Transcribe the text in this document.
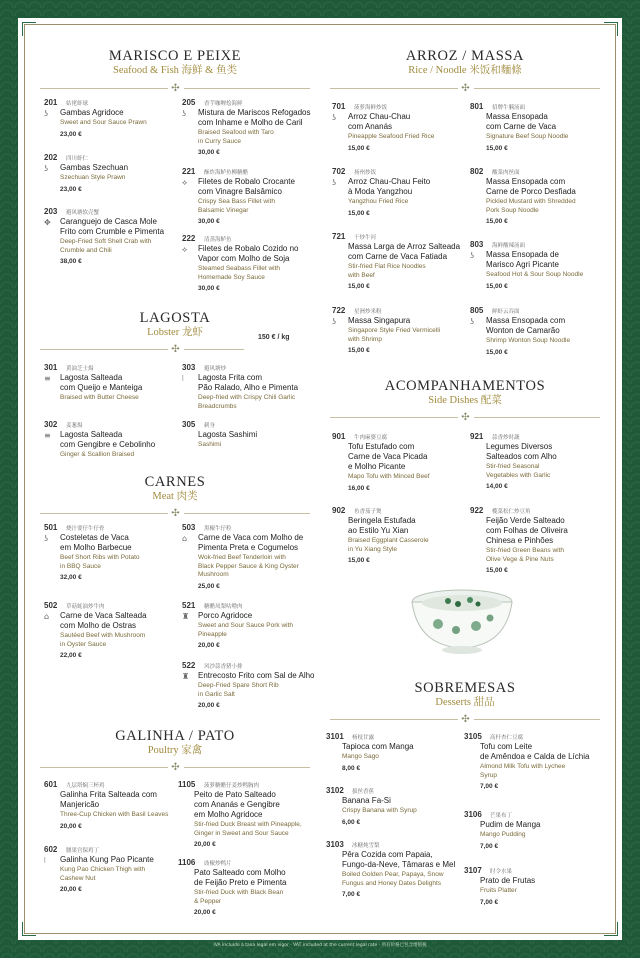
MARISCO E PEIXE
Seafood & Fish 海鲜 & 鱼类
ARROZ / MASSA
Rice / Noodle 米饭和麵條
LAGOSTA
Lobster 龙虾	150 € / kg
CARNES
Meat 肉类
ACOMPANHAMENTOS
Side Dishes 配菜
GALINHA / PATO
Poultry 家禽
SOBREMESAS
Desserts 甜品
✣	✣
✣
✣
✣
✣
✣
201 姑佬虾球
ʖ	Gambas Agridoce
Sweet and Sour Sauce Prawn
23,00 €
202 四川虾仁
ʖ	Gambas Szechuan
Szechuan Style Prawn
23,00 €
203 避风塘软壳蟹
✥	Caranguejo de Casca Mole
Frito com Crumble e Pimenta
Deep-Fried Soft Shell Crab with
Crumble and Chili
38,00 €
205 香芋咖喱烩海鲜
ʖ	Mistura de Mariscos Refogados
com Inhame e Molho de Caril
Braised Seafood with Taro
in Curry Sauce
30,00 €
221 酥炸海鲈鱼柳糖醋
⟡	Filetes de Robalo Crocante
com Vinagre Balsâmico
Crispy Sea Bass Fillet with
Balsamic Vinegar
30,00 €
222 清蒸海鲈鱼
⟡	Filetes de Robalo Cozido no
Vapor com Molho de Soja
Steamed Seabass Fillet with
Homemade Soy Sauce
30,00 €
301 黄油芝士焗
≡	Lagosta Salteada
com Queijo e Manteiga
Braised with Butter Cheese
302 姜葱焗
≡	Lagosta Salteada
com Gengibre e Cebolinho
Ginger & Scallion Braised
303 避风塘炒
⦚	Lagosta Frita com
Pão Ralado, Alho e Pimenta
Deep-fried with Crispy Chili Garlic
Breadcrumbs
305 刺身
Lagosta Sashimi
Sashimi
501 烧汁要仔牛仔骨
ʖ	Costeletas de Vaca
em Molho Barbecue
Beef Short Ribs with Potato
in BBQ Sauce
32,00 €
502 草菇蚝油炒牛肉
⌂	Carne de Vaca Salteada
com Molho de Ostras
Sautéed Beef with Mushroom
in Oyster Sauce
22,00 €
503 黑椒牛仔粒
⌂	Carne de Vaca com Molho de
Pimenta Preta e Cogumelos
Wok-fried Beef Tenderloin with
Black Pepper Sauce & King Oyster
Mushroom
25,00 €
521 糖醋凤梨咕噜肉
♜	Porco Agridoce
Sweet and Sour Sauce Pork with
Pineapple
20,00 €
522 风沙蒜香猪小排
♜	Entrecosto Frito com Sal de Alho
Deep-Fried Spare Short Rib
in Garlic Salt
20,00 €
601 九层塔焖三杯鸡
Galinha Frita Salteada com
Manjericão
Three-Cup Chicken with Basil Leaves
20,00 €
602 腰果宫保鸡丁
⦚	Galinha Kung Pao Picante
Kung Pao Chicken Thigh with
Cashew Nut
20,00 €
1105 菠萝糖醋仔姜炒鸭胸肉
Peito de Pato Salteado
com Ananás e Gengibre
em Molho Agridoce
Stir-fried Duck Breast with Pineapple,
Ginger in Sweet and Sour Sauce
20,00 €
1106 豉椒炒鸭片
Pato Salteado com Molho
de Feijão Preto e Pimenta
Stir-fried Duck with Black Bean
& Pepper
20,00 €
701 菠萝海鲜炒饭
ʖ	Arroz Chau-Chau
com Ananás
Pineapple Seafood Fried Rice
15,00 €
702 扬州炒饭
ʖ	Arroz Chau-Chau Feito
à Moda Yangzhou
Yangzhou Fried Rice
15,00 €
721 干炒牛河
Massa Larga de Arroz Salteada
com Carne de Vaca Fatiada
Stir-fried Flat Rice Noodles
with Beef
15,00 €
722 星洲炒米粉
ʖ	Massa Singapura
Singapore Style Fried Vermicelli
with Shrimp
15,00 €
801 招牌牛腩汤面
Massa Ensopada
com Carne de Vaca
Signature Beef Soup Noodle
15,00 €
802 酸菜肉丝面
Massa Ensopada com
Carne de Porco Desfiada
Pickled Mustard with Shredded
Pork Soup Noodle
15,00 €
803 海鲜酸辣汤面
ʖ	Massa Ensopada de
Marisco Agri Picante
Seafood Hot & Sour Soup Noodle
15,00 €
805 鲜虾云吞面
ʖ	Massa Ensopada com
Wonton de Camarão
Shrimp Wonton Soup Noodle
15,00 €
901 牛肉麻婆豆腐
Tofu Estufado com
Carne de Vaca Picada
e Molho Picante
Mapo Tofu with Minced Beef
16,00 €
902 鱼香茄子煲
Beringela Estufada
ao Estilo Yu Xian
Braised Eggplant Casserole
in Yu Xiang Style
15,00 €
921 蒜香炒时蔬
Legumes Diversos
Salteados com Alho
Stir-fried Seasonal
Vegetables with Garlic
14,00 €
922 榄菜松仁炒豆角
Feijão Verde Salteado
com Folhas de Oliveira
Chinesa e Pinhões
Stir-fried Green Beans with
Olive Vege & Pine Nuts
15,00 €
3101 杨枝甘露
Tapioca com Manga
Mango Sago
8,00 €
3102 拔丝香蕉
Banana Fa-Si
Crispy Banana with Syrup
6,00 €
3103 冰糖炖雪梨
Pêra Cozida com Papaia,
Fungo-da-Neve, Tâmaras e Mel
Boiled Golden Pear, Papaya, Snow
Fungus and Honey Dates Delights
7,00 €
3105 高杆杏仁豆腐
Tofu com Leite
de Amêndoa e Calda de Líchia
Almond Milk Tofu with Lychee
Syrup
7,00 €
3106 芒果布丁
Pudim de Manga
Mango Pudding
7,00 €
3107 时令水果
Prato de Frutas
Fruits Platter
7,00 €
IVA incluído à taxa legal em vigor · VAT included at the current legal rate · 所有价格已包含增值税
